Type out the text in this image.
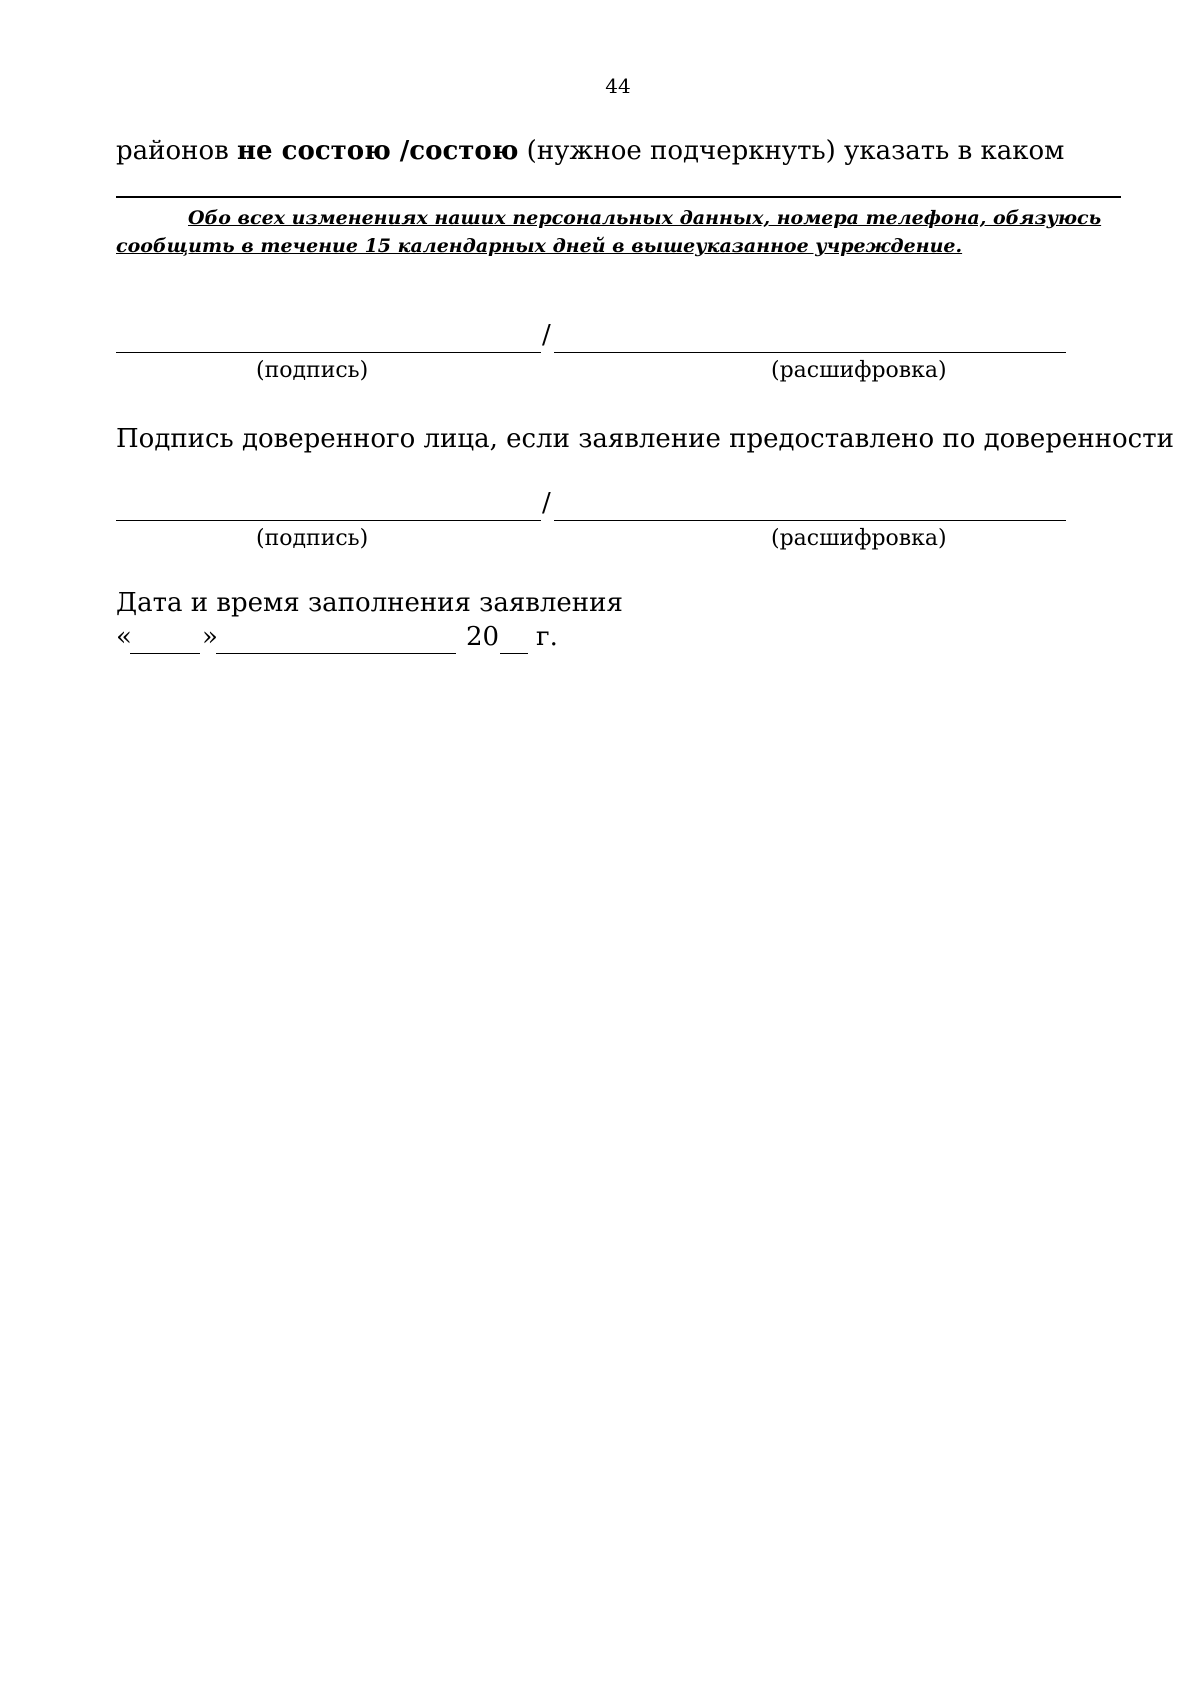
44
районов не состою /состою (нужное подчеркнуть) указать в каком
Обо всех изменениях наших персональных данных, номера телефона, обязуюсь
сообщить в течение 15 календарных дней в вышеуказанное учреждение.
/
(подпись)	(расшифровка)
Подпись доверенного лица, если заявление предоставлено по доверенности
/
(подпись)	(расшифровка)
Дата и время заполнения заявления
«	»	20 г.
